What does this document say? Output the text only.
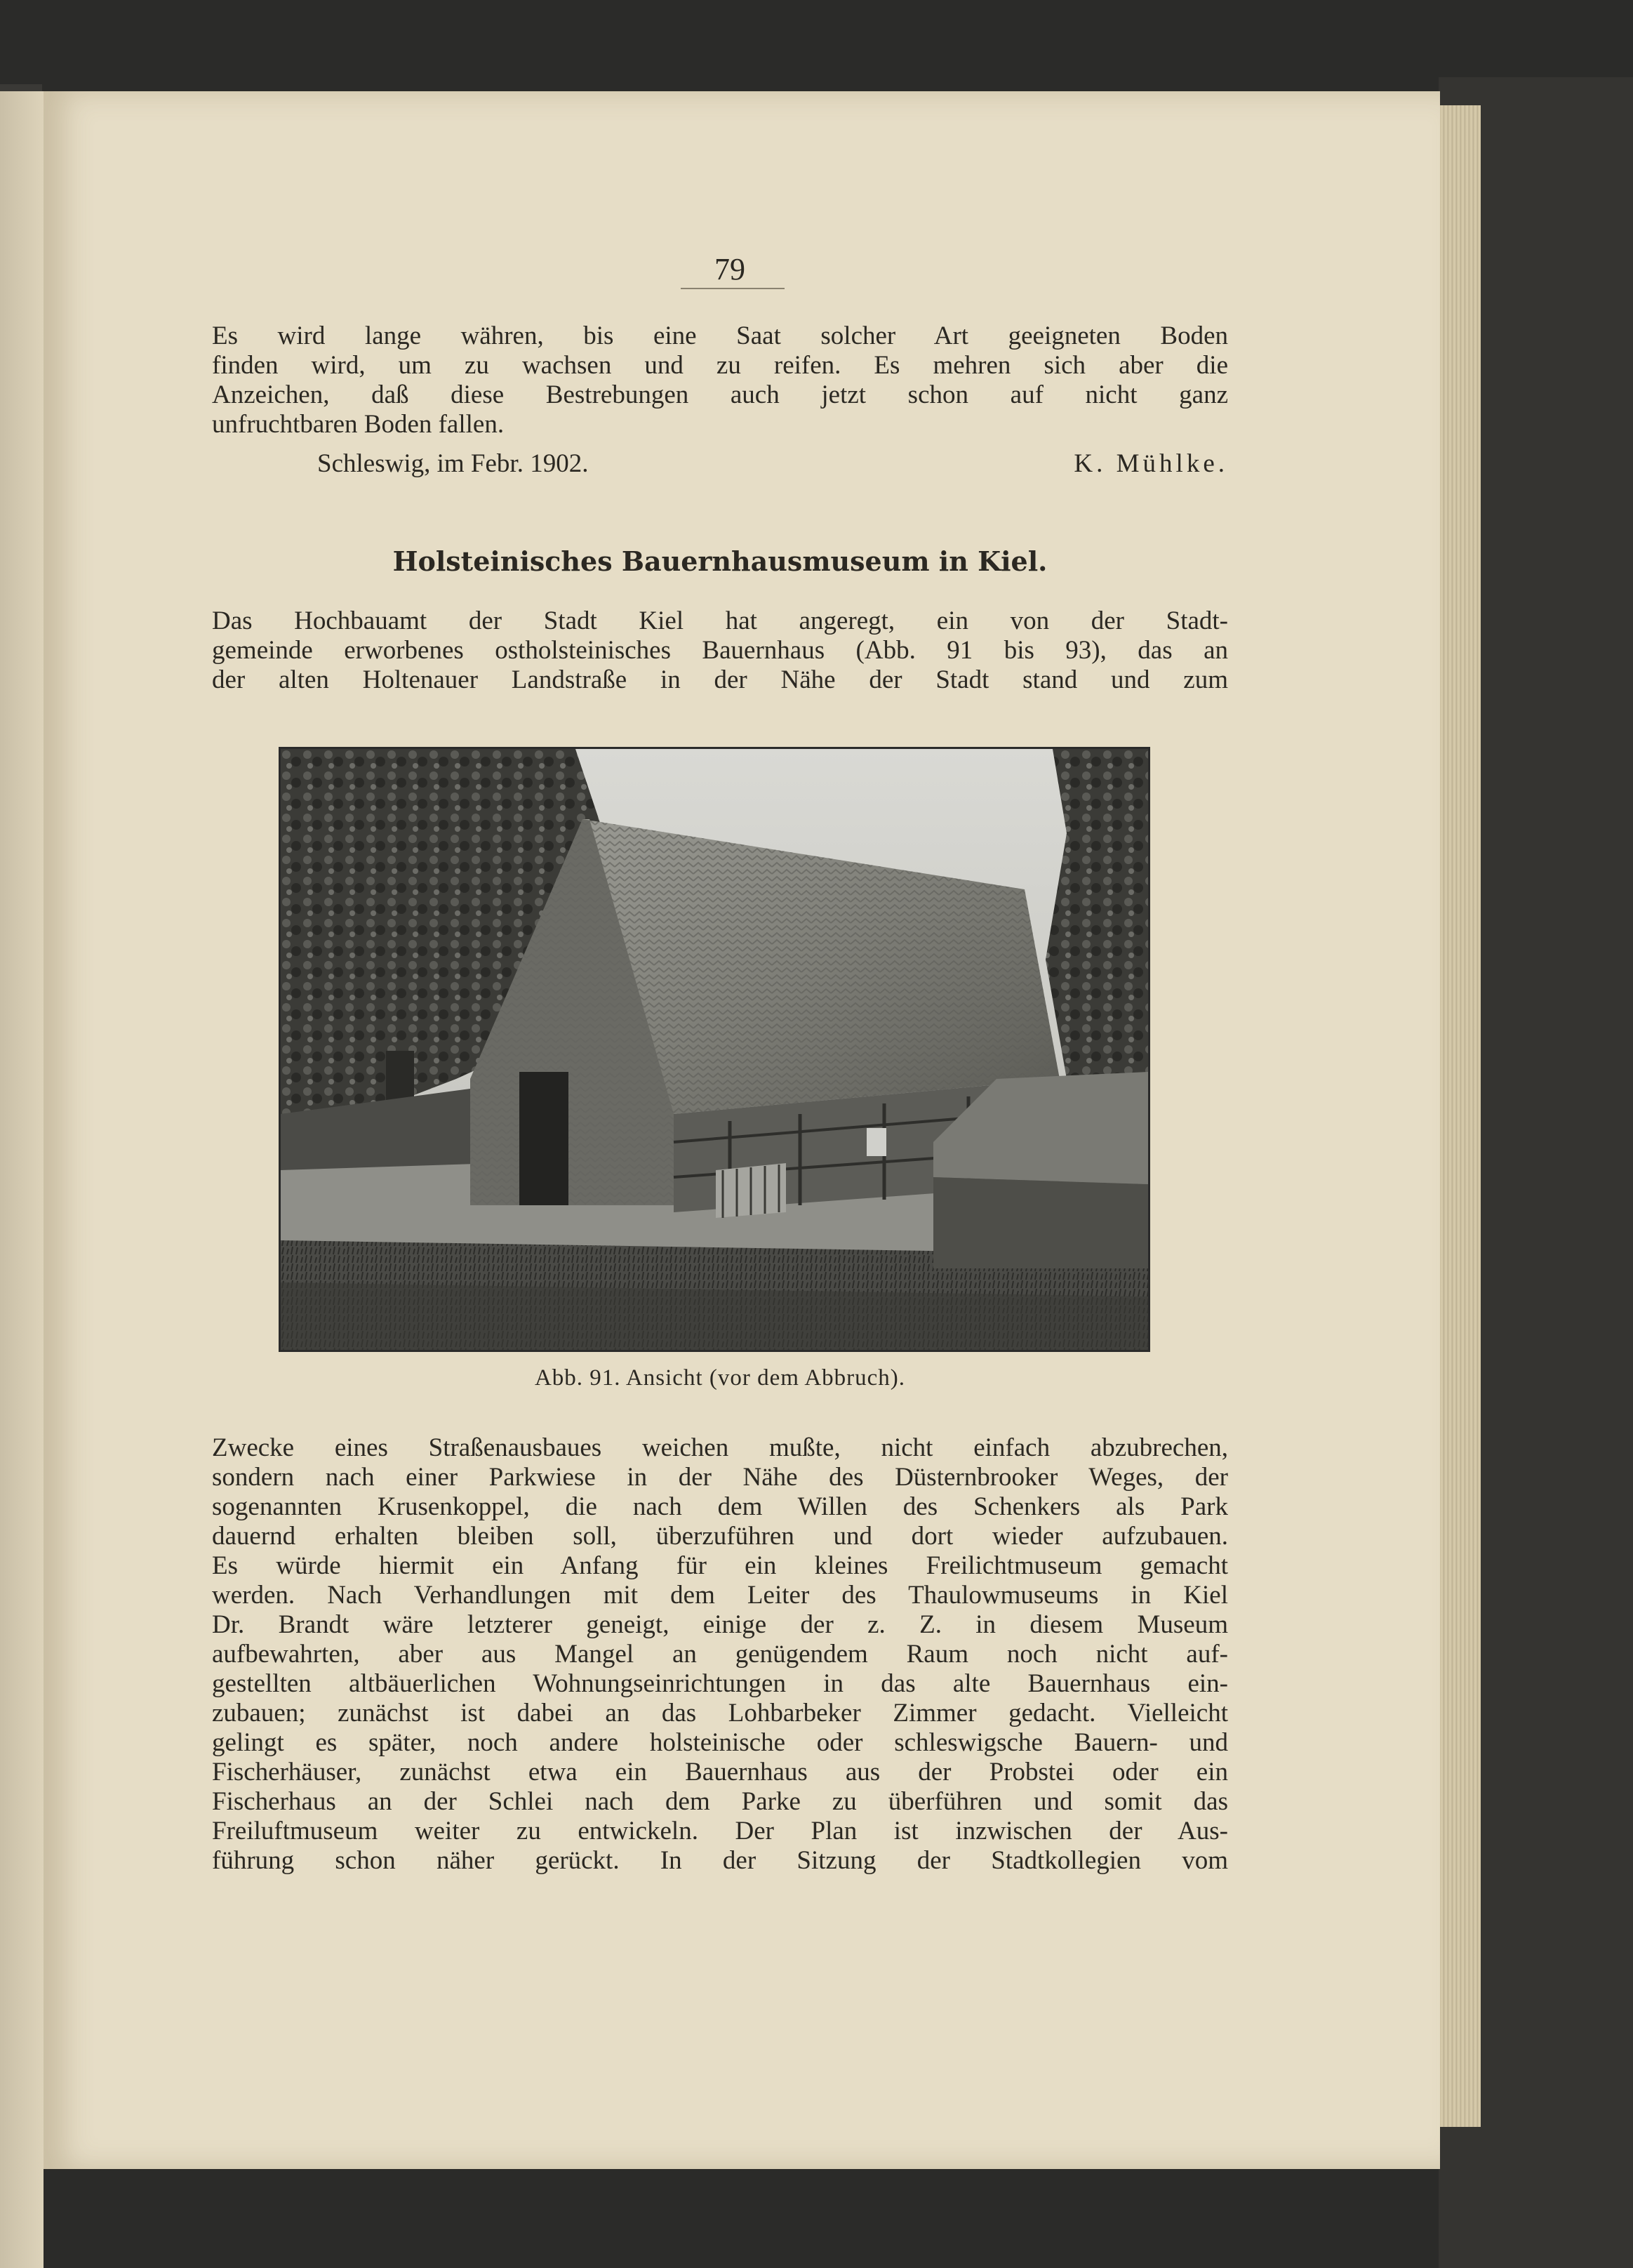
79
Es wird lange währen, bis eine Saat solcher Art geeigneten Boden
finden wird, um zu wachsen und zu reifen. Es mehren sich aber die
Anzeichen, daß diese Bestrebungen auch jetzt schon auf nicht ganz
unfruchtbaren Boden fallen.
Schleswig, im Febr. 1902.	K. Mühlke.
Holsteinisches Bauernhausmuseum in Kiel.
Das Hochbauamt der Stadt Kiel hat angeregt, ein von der Stadt-
gemeinde erworbenes ostholsteinisches Bauernhaus (Abb. 91 bis 93), das an
der alten Holtenauer Landstraße in der Nähe der Stadt stand und zum
Abb. 91. Ansicht (vor dem Abbruch).
Zwecke eines Straßenausbaues weichen mußte, nicht einfach abzubrechen,
sondern nach einer Parkwiese in der Nähe des Düsternbrooker Weges, der
sogenannten Krusenkoppel, die nach dem Willen des Schenkers als Park
dauernd erhalten bleiben soll, überzuführen und dort wieder aufzubauen.
Es würde hiermit ein Anfang für ein kleines Freilichtmuseum gemacht
werden. Nach Verhandlungen mit dem Leiter des Thaulowmuseums in Kiel
Dr. Brandt wäre letzterer geneigt, einige der z. Z. in diesem Museum
aufbewahrten, aber aus Mangel an genügendem Raum noch nicht auf-
gestellten altbäuerlichen Wohnungseinrichtungen in das alte Bauernhaus ein-
zubauen; zunächst ist dabei an das Lohbarbeker Zimmer gedacht. Vielleicht
gelingt es später, noch andere holsteinische oder schleswigsche Bauern- und
Fischerhäuser, zunächst etwa ein Bauernhaus aus der Probstei oder ein
Fischerhaus an der Schlei nach dem Parke zu überführen und somit das
Freiluftmuseum weiter zu entwickeln. Der Plan ist inzwischen der Aus-
führung schon näher gerückt. In der Sitzung der Stadtkollegien vom
